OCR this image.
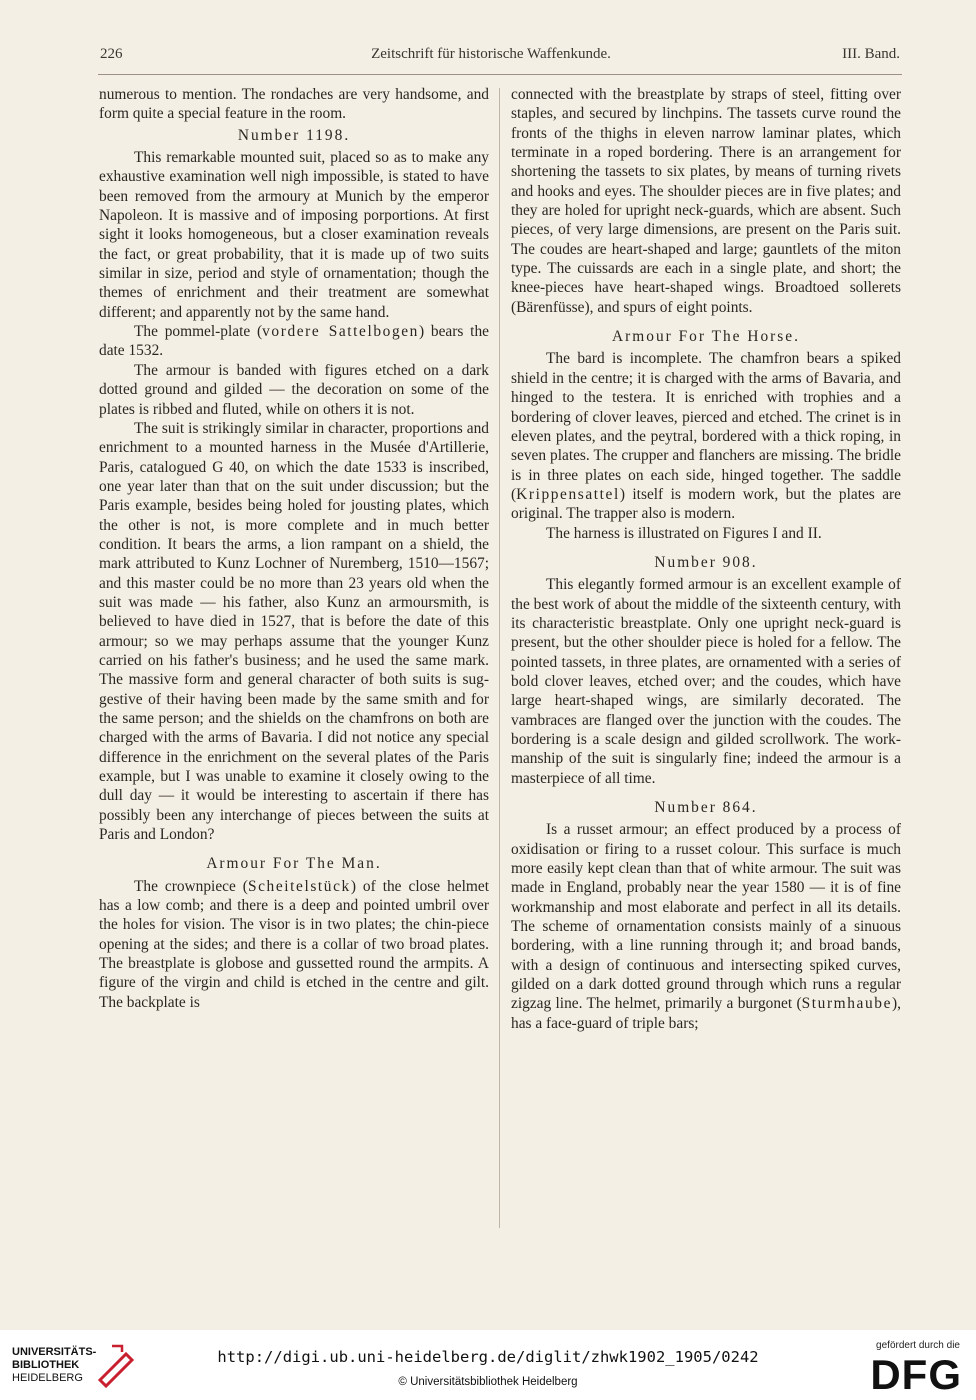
226	Zeitschrift für historische Waffenkunde.	III. Band.

numerous to mention. The rondaches are very handsome, and form quite a special feature in the room.

Number 1198.

This remarkable mounted suit, placed so as to make any exhaustive examination well nigh impossible, is stated to have been removed from the armoury at Munich by the emperor Napoleon. It is massive and of imposing porportions. At first sight it looks homogeneous, but a closer examination reveals the fact, or great probability, that it is made up of two suits similar in size, period and style of ornamentation; though the themes of enrichment and their treatment are somewhat different; and apparently not by the same hand.

The pommel-plate (vordere Sattelbogen) bears the date 1532.

The armour is banded with figures etched on a dark dotted ground and gilded — the decoration on some of the plates is ribbed and fluted, while on others it is not.

The suit is strikingly similar in character, proportions and enrichment to a mounted harness in the Musée d'Artillerie, Paris, catalogued G 40, on which the date 1533 is inscribed, one year later than that on the suit under discussion; but the Paris example, besides being holed for jousting plates, which the other is not, is more complete and in much better condition. It bears the arms, a lion rampant on a shield, the mark attributed to Kunz Lochner of Nuremberg, 1510—1567; and this master could be no more than 23 years old when the suit was made — his father, also Kunz an armoursmith, is believed to have died in 1527, that is before the date of this armour; so we may perhaps assume that the younger Kunz carried on his father's business; and he used the same mark. The massive form and general character of both suits is suggestive of their having been made by the same smith and for the same person; and the shields on the chamfrons on both are charged with the arms of Bavaria. I did not notice any special difference in the enrichment on the several plates of the Paris example, but I was unable to examine it closely owing to the dull day — it would be interesting to ascertain if there has possibly been any interchange of pieces between the suits at Paris and London?

Armour For The Man.

The crownpiece (Scheitelstück) of the close helmet has a low comb; and there is a deep and pointed umbril over the holes for vision. The visor is in two plates; the chin-piece opening at the sides; and there is a collar of two broad plates. The breastplate is globose and gussetted round the armpits. A figure of the virgin and child is etched in the centre and gilt. The backplate is

connected with the breastplate by straps of steel, fitting over staples, and secured by linchpins. The tassets curve round the fronts of the thighs in eleven narrow laminar plates, which terminate in a roped bordering. There is an arrangement for shortening the tassets to six plates, by means of turning rivets and hooks and eyes. The shoulder pieces are in five plates; and they are holed for upright neck-guards, which are absent. Such pieces, of very large dimensions, are present on the Paris suit. The coudes are heart-shaped and large; gauntlets of the miton type. The cuissards are each in a single plate, and short; the knee-pieces have heart-shaped wings. Broadtoed sollerets (Bärenfüsse), and spurs of eight points.

Armour For The Horse.

The bard is incomplete. The chamfron bears a spiked shield in the centre; it is charged with the arms of Bavaria, and hinged to the testera. It is enriched with trophies and a bordering of clover leaves, pierced and etched. The crinet is in eleven plates, and the peytral, bordered with a thick roping, in seven plates. The crupper and flanchers are missing. The bridle is in three plates on each side, hinged together. The saddle (Krippensattel) itself is modern work, but the plates are original. The trapper also is modern.

The harness is illustrated on Figures I and II.

Number 908.

This elegantly formed armour is an excellent example of the best work of about the middle of the sixteenth century, with its characteristic breastplate. Only one upright neck-guard is present, but the other shoulder piece is holed for a fellow. The pointed tassets, in three plates, are ornamented with a series of bold clover leaves, etched over; and the coudes, which have large heart-shaped wings, are similarly decorated. The vambraces are flanged over the junction with the coudes. The bordering is a scale design and gilded scrollwork. The workmanship of the suit is singularly fine; indeed the armour is a masterpiece of all time.

Number 864.

Is a russet armour; an effect produced by a process of oxidisation or firing to a russet colour. This surface is much more easily kept clean than that of white armour. The suit was made in England, probably near the year 1580 — it is of fine workmanship and most elaborate and perfect in all its details. The scheme of ornamentation consists mainly of a sinuous bordering, with a line running through it; and broad bands, with a design of continuous and intersecting spiked curves, gilded on a dark dotted ground through which runs a regular zigzag line. The helmet, primarily a burgonet (Sturmhaube), has a face-guard of triple bars;

UNIVERSITÄTS-
BIBLIOTHEK
HEIDELBERG
http://digi.ub.uni-heidelberg.de/diglit/zhwk1902_1905/0242
© Universitätsbibliothek Heidelberg
gefördert durch die
DFG
